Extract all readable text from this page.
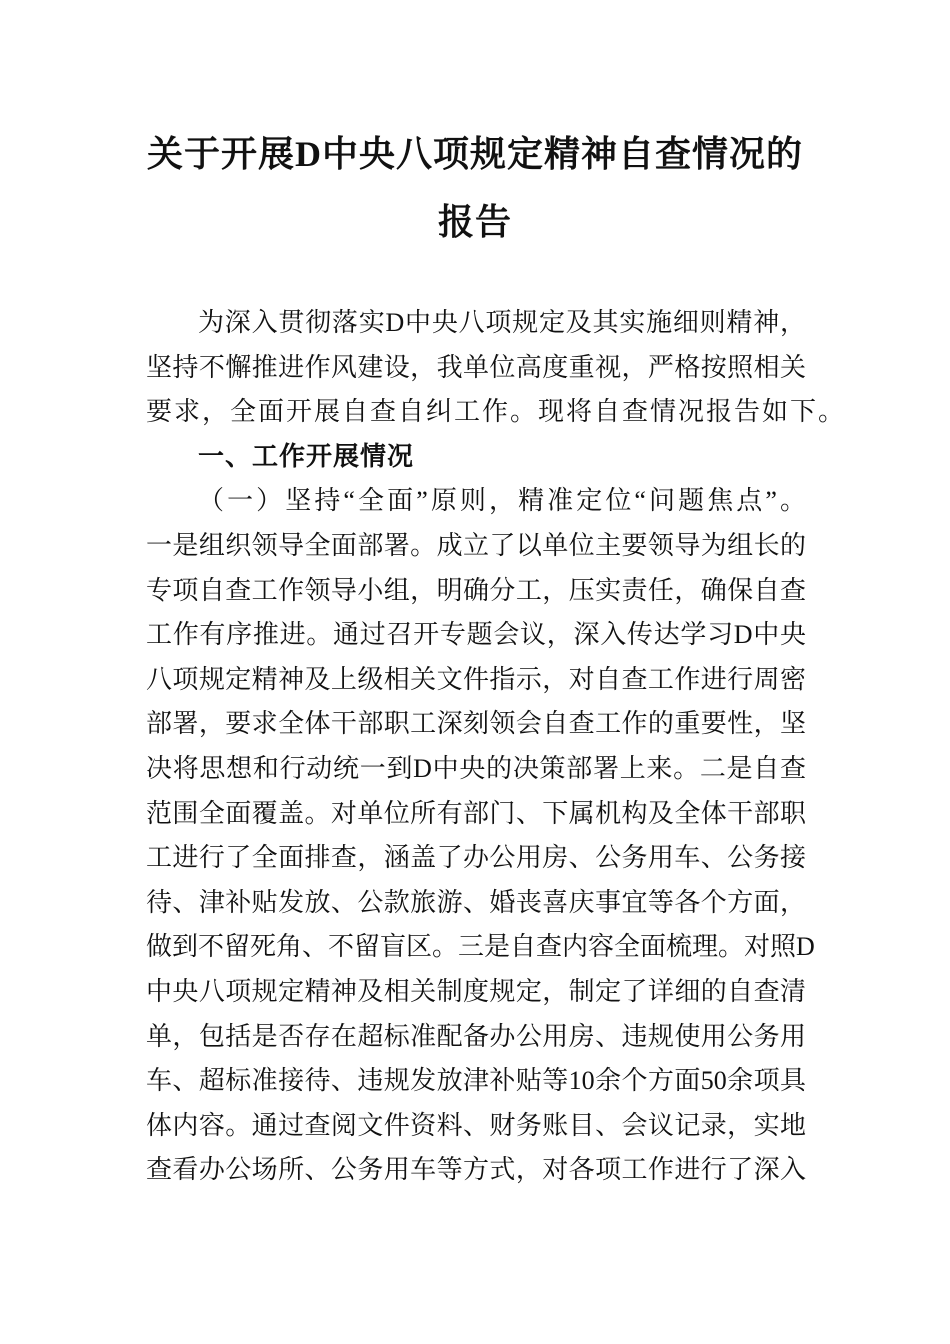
关于开展D中央八项规定精神自查情况的
报告
为深入贯彻落实D中央八项规定及其实施细则精神，
坚持不懈推进作风建设，我单位高度重视，严格按照相关
要求，全面开展自查自纠工作。现将自查情况报告如下。
一、工作开展情况
（一）坚持“全面”原则，精准定位“问题焦点”。
一是组织领导全面部署。成立了以单位主要领导为组长的
专项自查工作领导小组，明确分工，压实责任，确保自查
工作有序推进。通过召开专题会议，深入传达学习D中央
八项规定精神及上级相关文件指示，对自查工作进行周密
部署，要求全体干部职工深刻领会自查工作的重要性，坚
决将思想和行动统一到D中央的决策部署上来。二是自查
范围全面覆盖。对单位所有部门、下属机构及全体干部职
工进行了全面排查，涵盖了办公用房、公务用车、公务接
待、津补贴发放、公款旅游、婚丧喜庆事宜等各个方面，
做到不留死角、不留盲区。三是自查内容全面梳理。对照D
中央八项规定精神及相关制度规定，制定了详细的自查清
单，包括是否存在超标准配备办公用房、违规使用公务用
车、超标准接待、违规发放津补贴等10余个方面50余项具
体内容。通过查阅文件资料、财务账目、会议记录，实地
查看办公场所、公务用车等方式，对各项工作进行了深入
